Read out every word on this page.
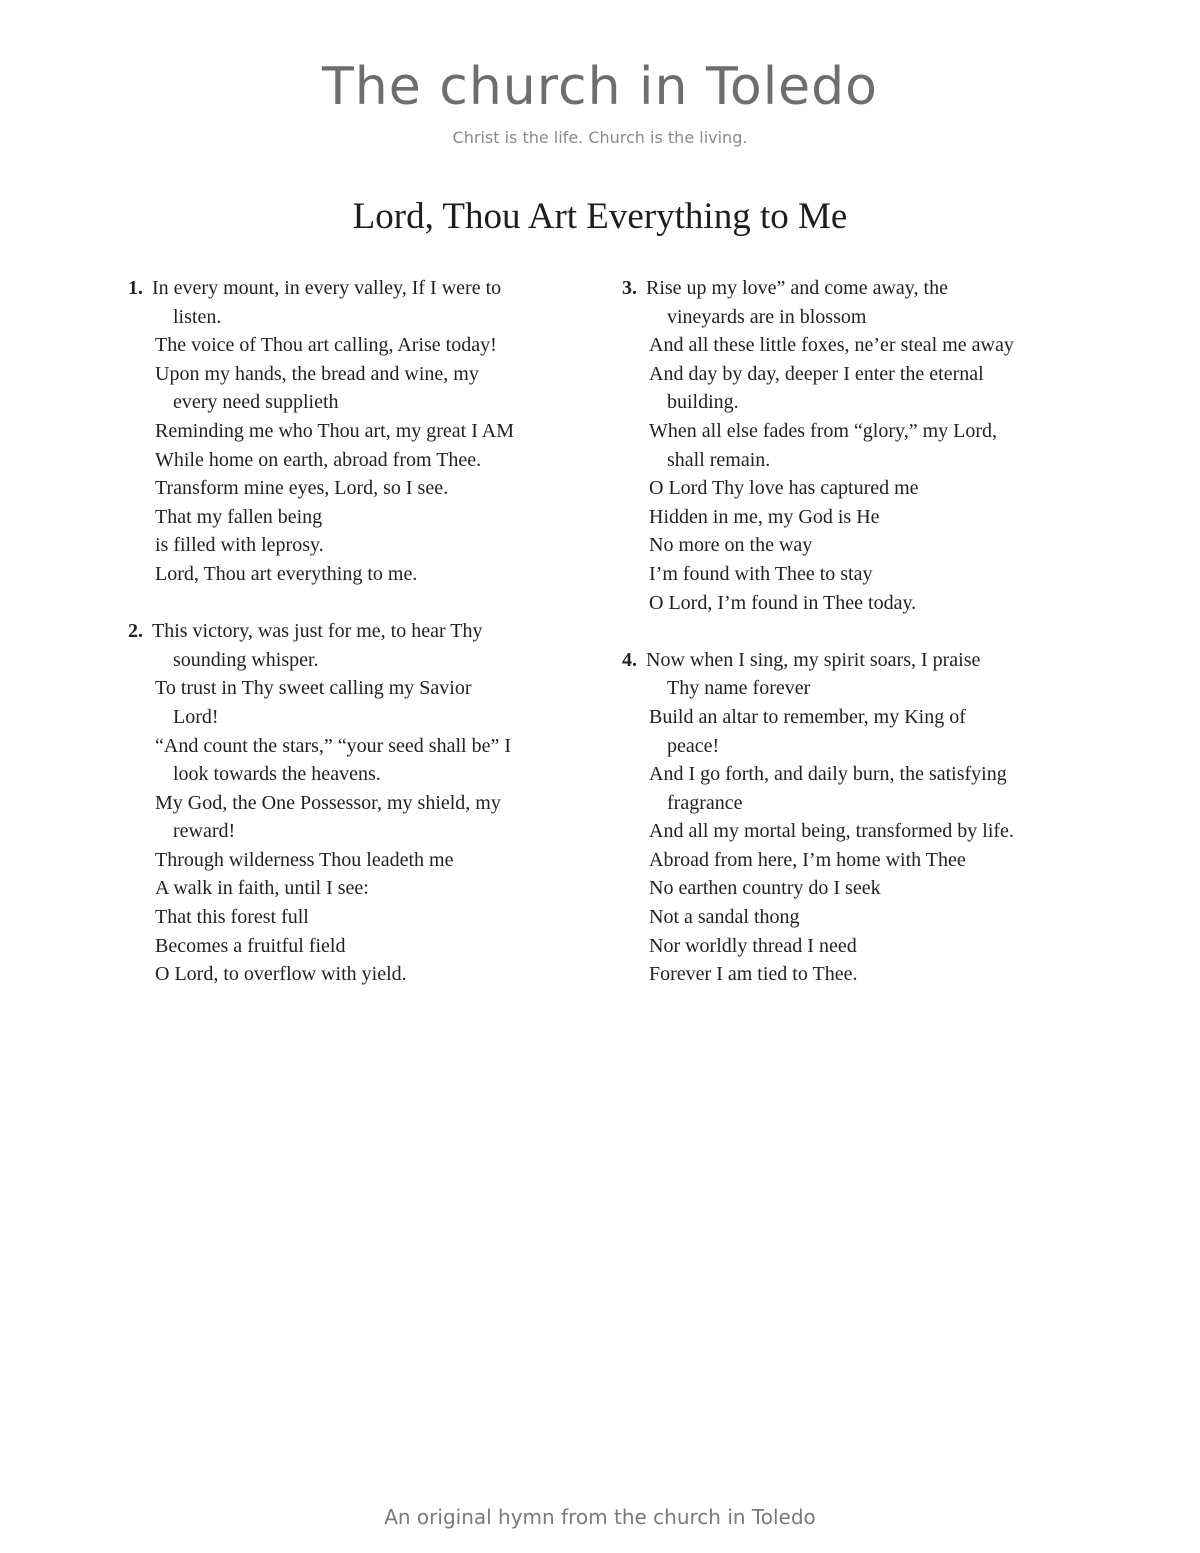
The church in Toledo
Christ is the life. Church is the living.
Lord, Thou Art Everything to Me
1. In every mount, in every valley, If I were to
listen.
The voice of Thou art calling, Arise today!
Upon my hands, the bread and wine, my
every need supplieth
Reminding me who Thou art, my great I AM
While home on earth, abroad from Thee.
Transform mine eyes, Lord, so I see.
That my fallen being
is filled with leprosy.
Lord, Thou art everything to me.
2. This victory, was just for me, to hear Thy
sounding whisper.
To trust in Thy sweet calling my Savior
Lord!
“And count the stars,” “your seed shall be” I
look towards the heavens.
My God, the One Possessor, my shield, my
reward!
Through wilderness Thou leadeth me
A walk in faith, until I see:
That this forest full
Becomes a fruitful field
O Lord, to overflow with yield.
3. Rise up my love” and come away, the
vineyards are in blossom
And all these little foxes, ne’er steal me away
And day by day, deeper I enter the eternal
building.
When all else fades from “glory,” my Lord,
shall remain.
O Lord Thy love has captured me
Hidden in me, my God is He
No more on the way
I’m found with Thee to stay
O Lord, I’m found in Thee today.
4. Now when I sing, my spirit soars, I praise
Thy name forever
Build an altar to remember, my King of
peace!
And I go forth, and daily burn, the satisfying
fragrance
And all my mortal being, transformed by life.
Abroad from here, I’m home with Thee
No earthen country do I seek
Not a sandal thong
Nor worldly thread I need
Forever I am tied to Thee.
An original hymn from the church in Toledo
